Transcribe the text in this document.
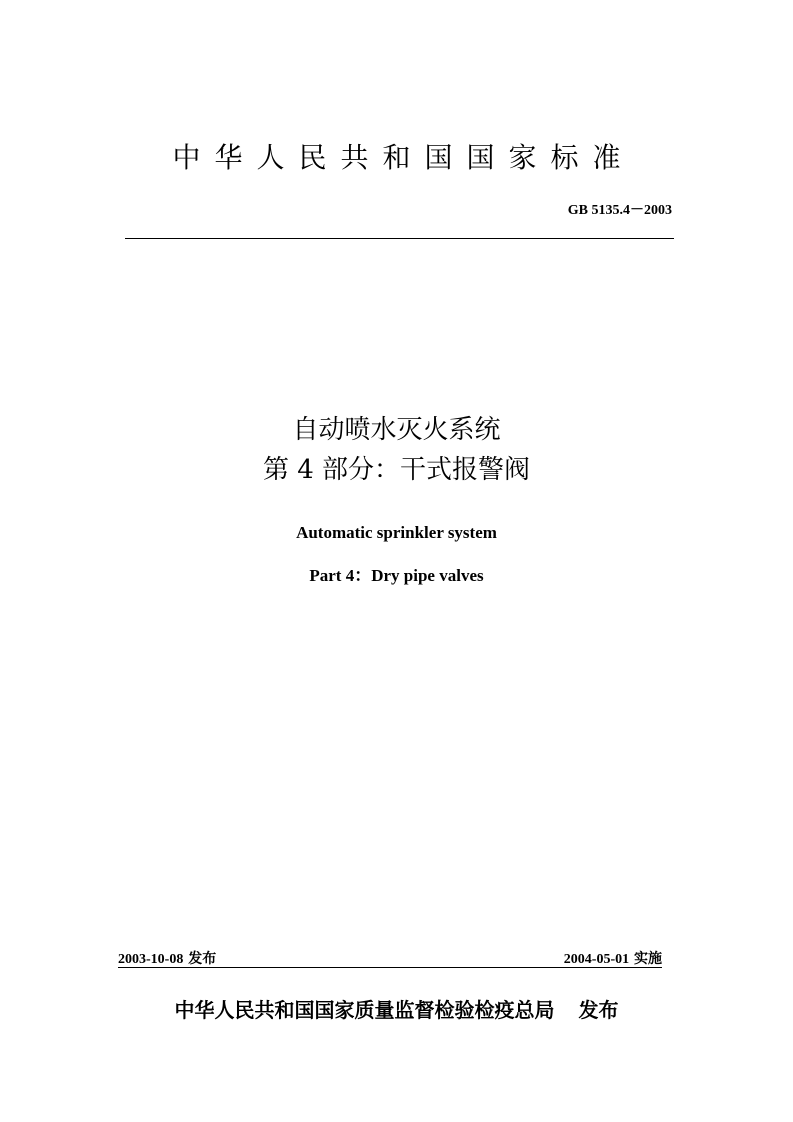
中华人民共和国国家标准
GB 5135.4－2003
自动喷水灭火系统
第 4 部分：干式报警阀
Automatic sprinkler system
Part 4：Dry pipe valves
2003-10-08 发布	2004-05-01 实施
中华人民共和国国家质量监督检验检疫总局 发布
